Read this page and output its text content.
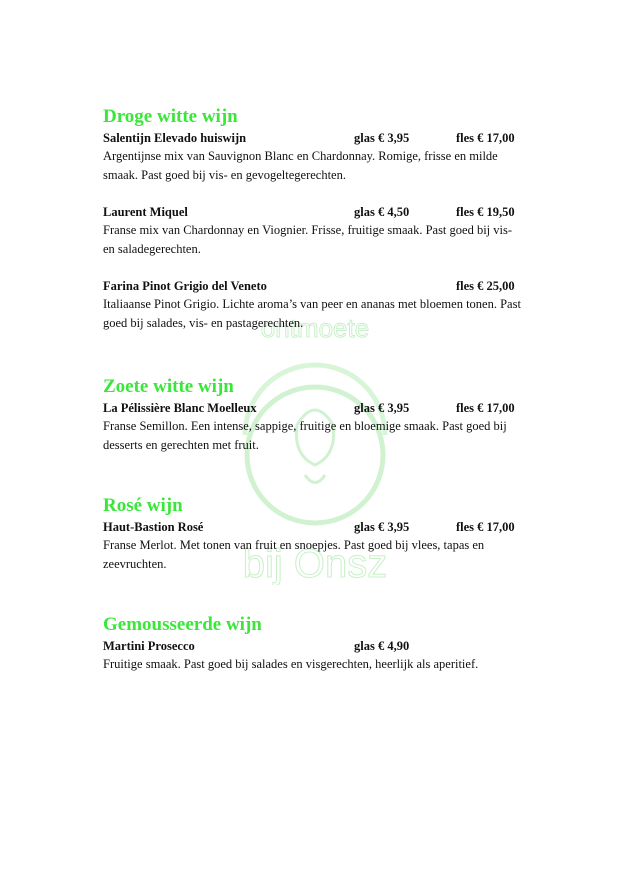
ontmoete
bij Onsz
Droge witte wijn
Salentijn Elevado huiswijn	glas € 3,95	fles € 17,00
Argentijnse mix van Sauvignon Blanc en Chardonnay. Romige, frisse en milde smaak. Past goed bij vis- en gevogeltegerechten.
Laurent Miquel	glas € 4,50	fles € 19,50
Franse mix van Chardonnay en Viognier. Frisse, fruitige smaak. Past goed bij vis- en saladegerechten.
Farina Pinot Grigio del Veneto	fles € 25,00
Italiaanse Pinot Grigio. Lichte aroma’s van peer en ananas met bloemen tonen. Past goed bij salades, vis- en pastagerechten.
Zoete witte wijn
La Pélissière Blanc Moelleux	glas € 3,95	fles € 17,00
Franse Semillon. Een intense, sappige, fruitige en bloemige smaak. Past goed bij desserts en gerechten met fruit.
Rosé wijn
Haut-Bastion Rosé	glas € 3,95	fles € 17,00
Franse Merlot. Met tonen van fruit en snoepjes. Past goed bij vlees, tapas en zeevruchten.
Gemousseerde wijn
Martini Prosecco	glas € 4,90
Fruitige smaak. Past goed bij salades en visgerechten, heerlijk als aperitief.
